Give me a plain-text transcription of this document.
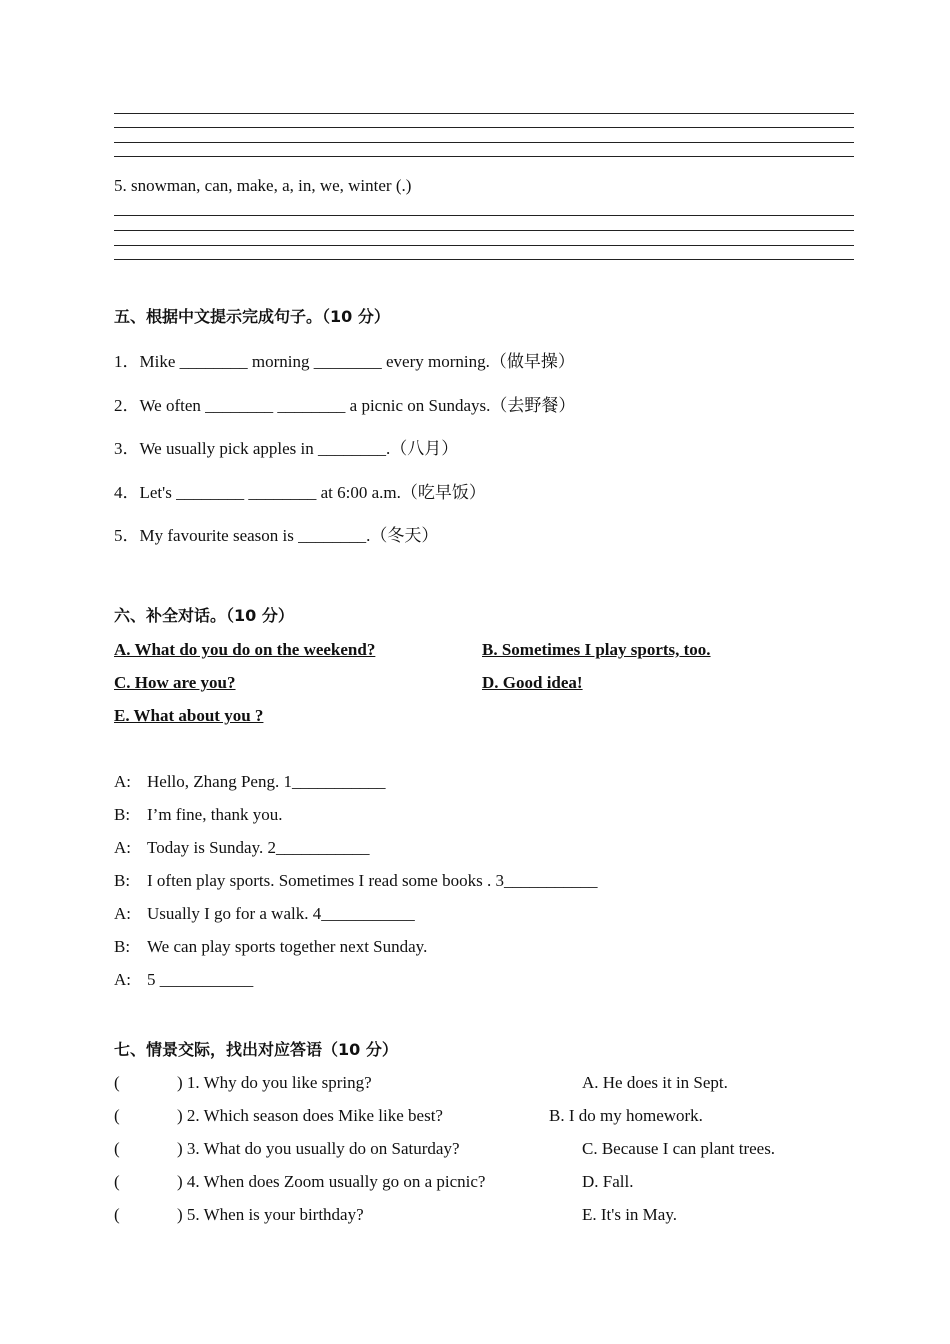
5. snowman, can, make, a, in, we, winter (.)
五、根据中文提示完成句子。（10 分）
1．Mike ________ morning ________ every morning.（做早操）
2．We often ________ ________ a picnic on Sundays.（去野餐）
3．We usually pick apples in ________.（八月）
4．Let's ________ ________ at 6:00 a.m.（吃早饭）
5．My favourite season is ________.（冬天）
六、补全对话。（10 分）
A. What do you do on the weekend?	B. Sometimes I play sports, too.
C. How are you?	D. Good idea!
E. What about you ?
A: Hello, Zhang Peng. 1___________
B: I’m fine, thank you.
A: Today is Sunday. 2___________
B: I often play sports. Sometimes I read some books . 3___________
A: Usually I go for a walk. 4___________
B: We can play sports together next Sunday.
A: 5 ___________
七、情景交际，找出对应答语（10 分）
(	) 1. Why do you like spring?	A. He does it in Sept.
(	) 2. Which season does Mike like best?	B. I do my homework.
(	) 3. What do you usually do on Saturday?	C. Because I can plant trees.
(	) 4. When does Zoom usually go on a picnic?	D. Fall.
(	) 5. When is your birthday?	E. It's in May.
